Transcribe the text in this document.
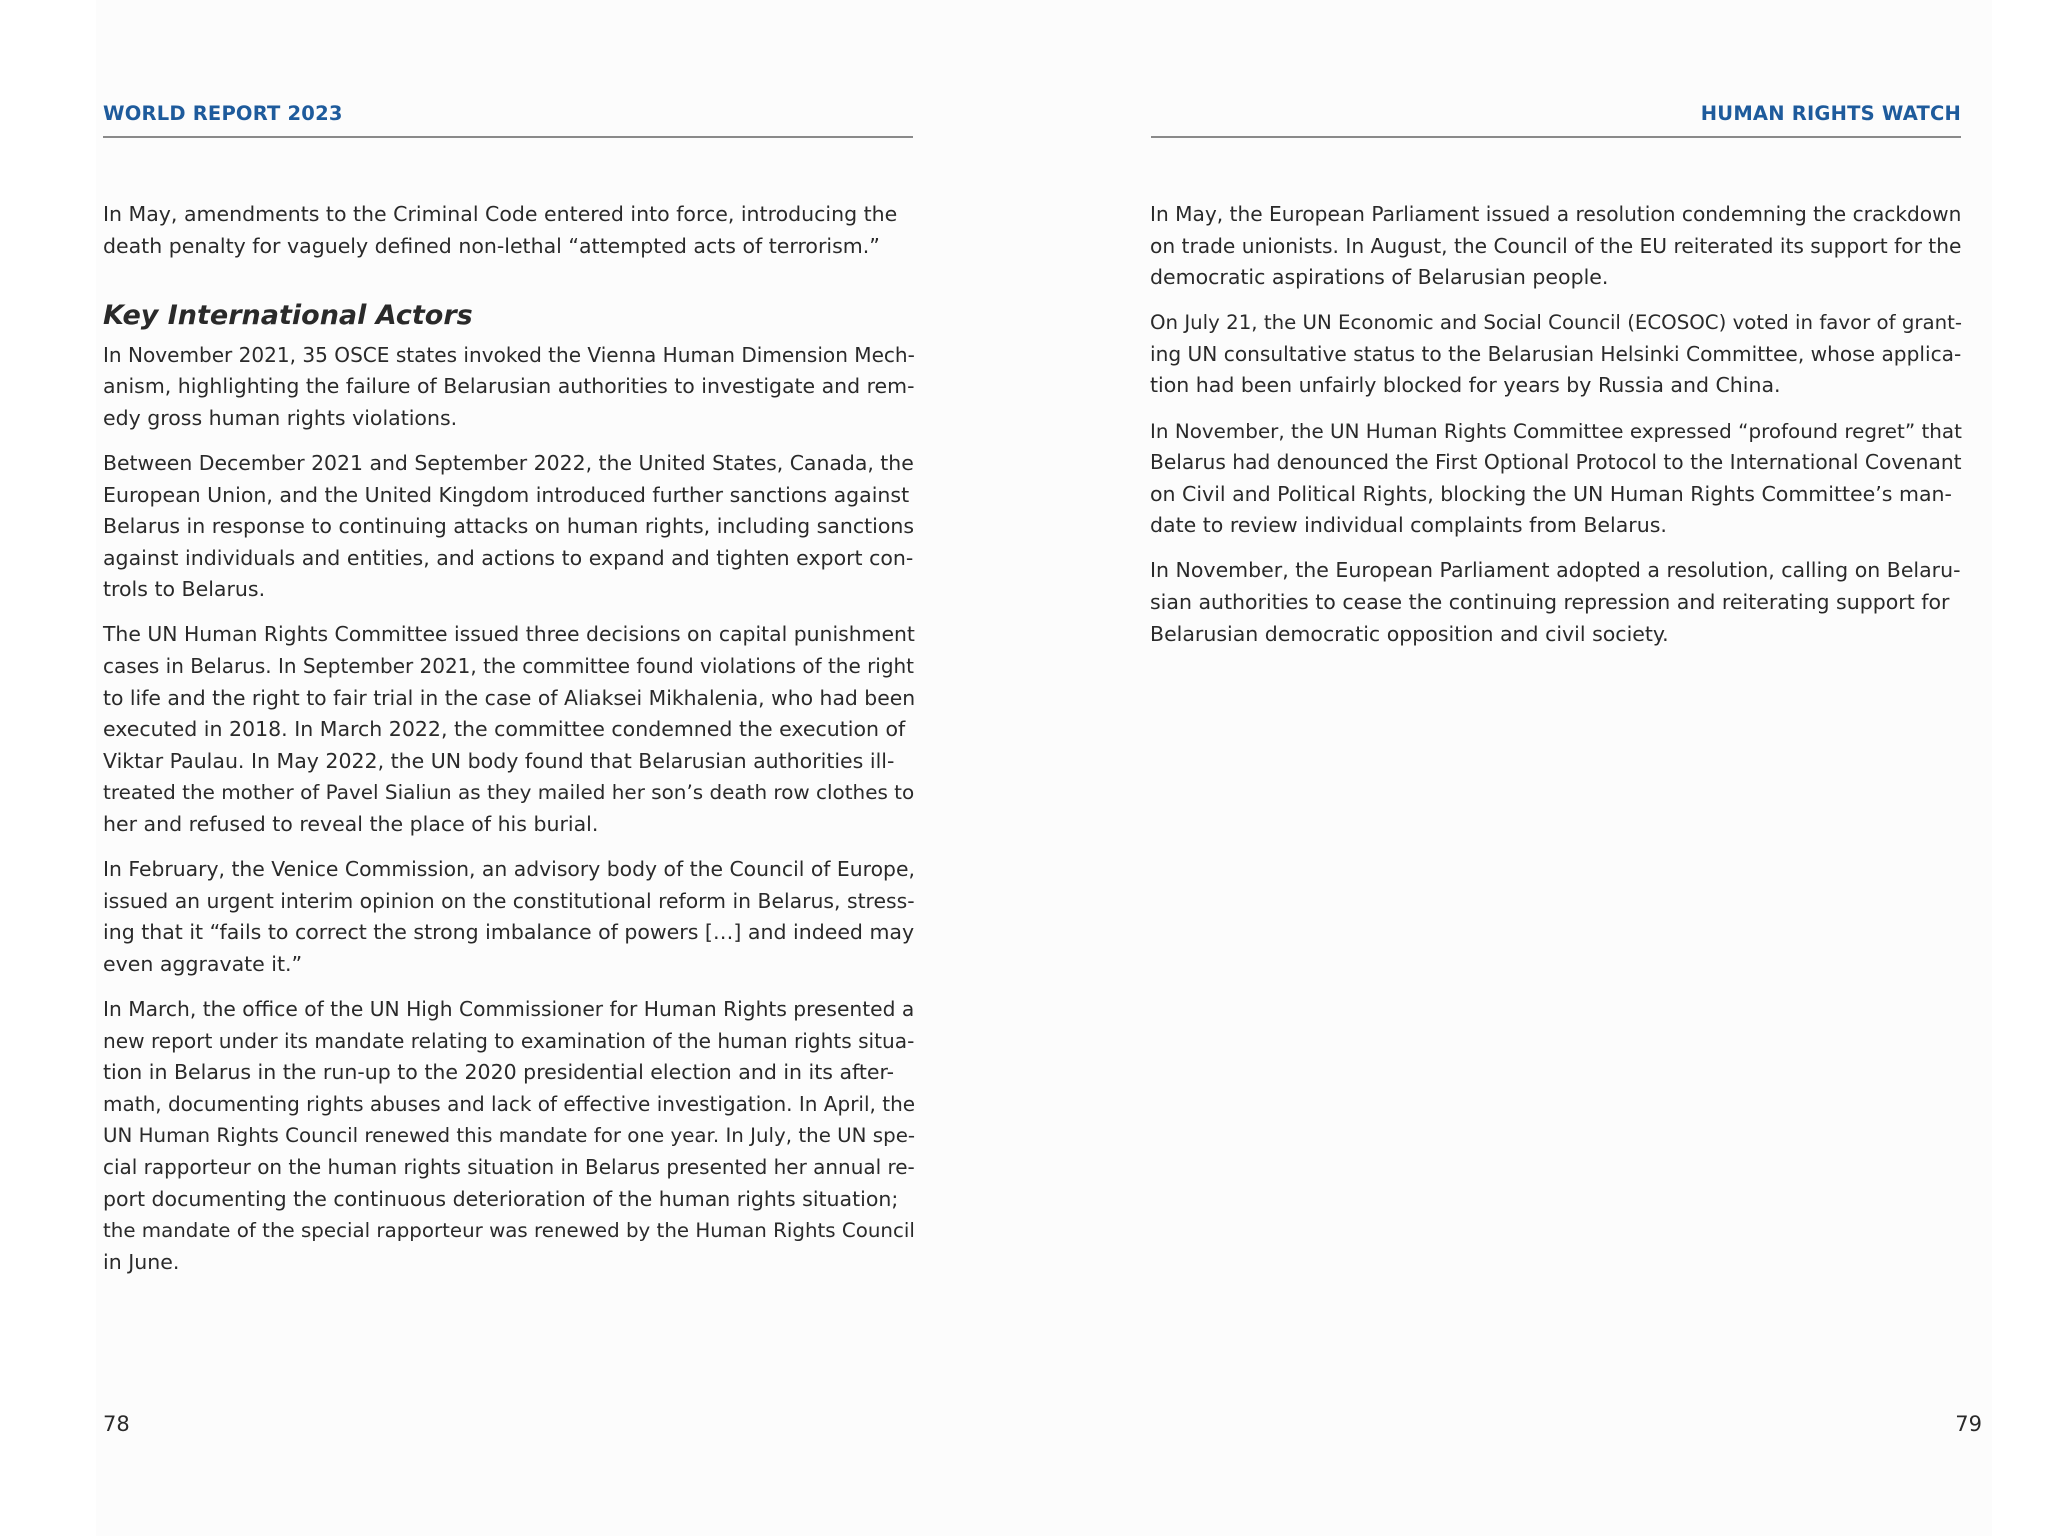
WORLD REPORT 2023

In May, amendments to the Criminal Code entered into force, introducing the
death penalty for vaguely defined non-lethal “attempted acts of terrorism.”

Key International Actors

In November 2021, 35 OSCE states invoked the Vienna Human Dimension Mech-
anism, highlighting the failure of Belarusian authorities to investigate and rem-
edy gross human rights violations.

Between December 2021 and September 2022, the United States, Canada, the
European Union, and the United Kingdom introduced further sanctions against
Belarus in response to continuing attacks on human rights, including sanctions
against individuals and entities, and actions to expand and tighten export con-
trols to Belarus.

The UN Human Rights Committee issued three decisions on capital punishment
cases in Belarus. In September 2021, the committee found violations of the right
to life and the right to fair trial in the case of Aliaksei Mikhalenia, who had been
executed in 2018. In March 2022, the committee condemned the execution of
Viktar Paulau. In May 2022, the UN body found that Belarusian authorities ill-
treated the mother of Pavel Sialiun as they mailed her son’s death row clothes to
her and refused to reveal the place of his burial.

In February, the Venice Commission, an advisory body of the Council of Europe,
issued an urgent interim opinion on the constitutional reform in Belarus, stress-
ing that it “fails to correct the strong imbalance of powers […] and indeed may
even aggravate it.”

In March, the office of the UN High Commissioner for Human Rights presented a
new report under its mandate relating to examination of the human rights situa-
tion in Belarus in the run-up to the 2020 presidential election and in its after-
math, documenting rights abuses and lack of effective investigation. In April, the
UN Human Rights Council renewed this mandate for one year. In July, the UN spe-
cial rapporteur on the human rights situation in Belarus presented her annual re-
port documenting the continuous deterioration of the human rights situation;
the mandate of the special rapporteur was renewed by the Human Rights Council
in June.

78
HUMAN RIGHTS WATCH

In May, the European Parliament issued a resolution condemning the crackdown
on trade unionists. In August, the Council of the EU reiterated its support for the
democratic aspirations of Belarusian people.

On July 21, the UN Economic and Social Council (ECOSOC) voted in favor of grant-
ing UN consultative status to the Belarusian Helsinki Committee, whose applica-
tion had been unfairly blocked for years by Russia and China.

In November, the UN Human Rights Committee expressed “profound regret” that
Belarus had denounced the First Optional Protocol to the International Covenant
on Civil and Political Rights, blocking the UN Human Rights Committee’s man-
date to review individual complaints from Belarus.

In November, the European Parliament adopted a resolution, calling on Belaru-
sian authorities to cease the continuing repression and reiterating support for
Belarusian democratic opposition and civil society.

79
